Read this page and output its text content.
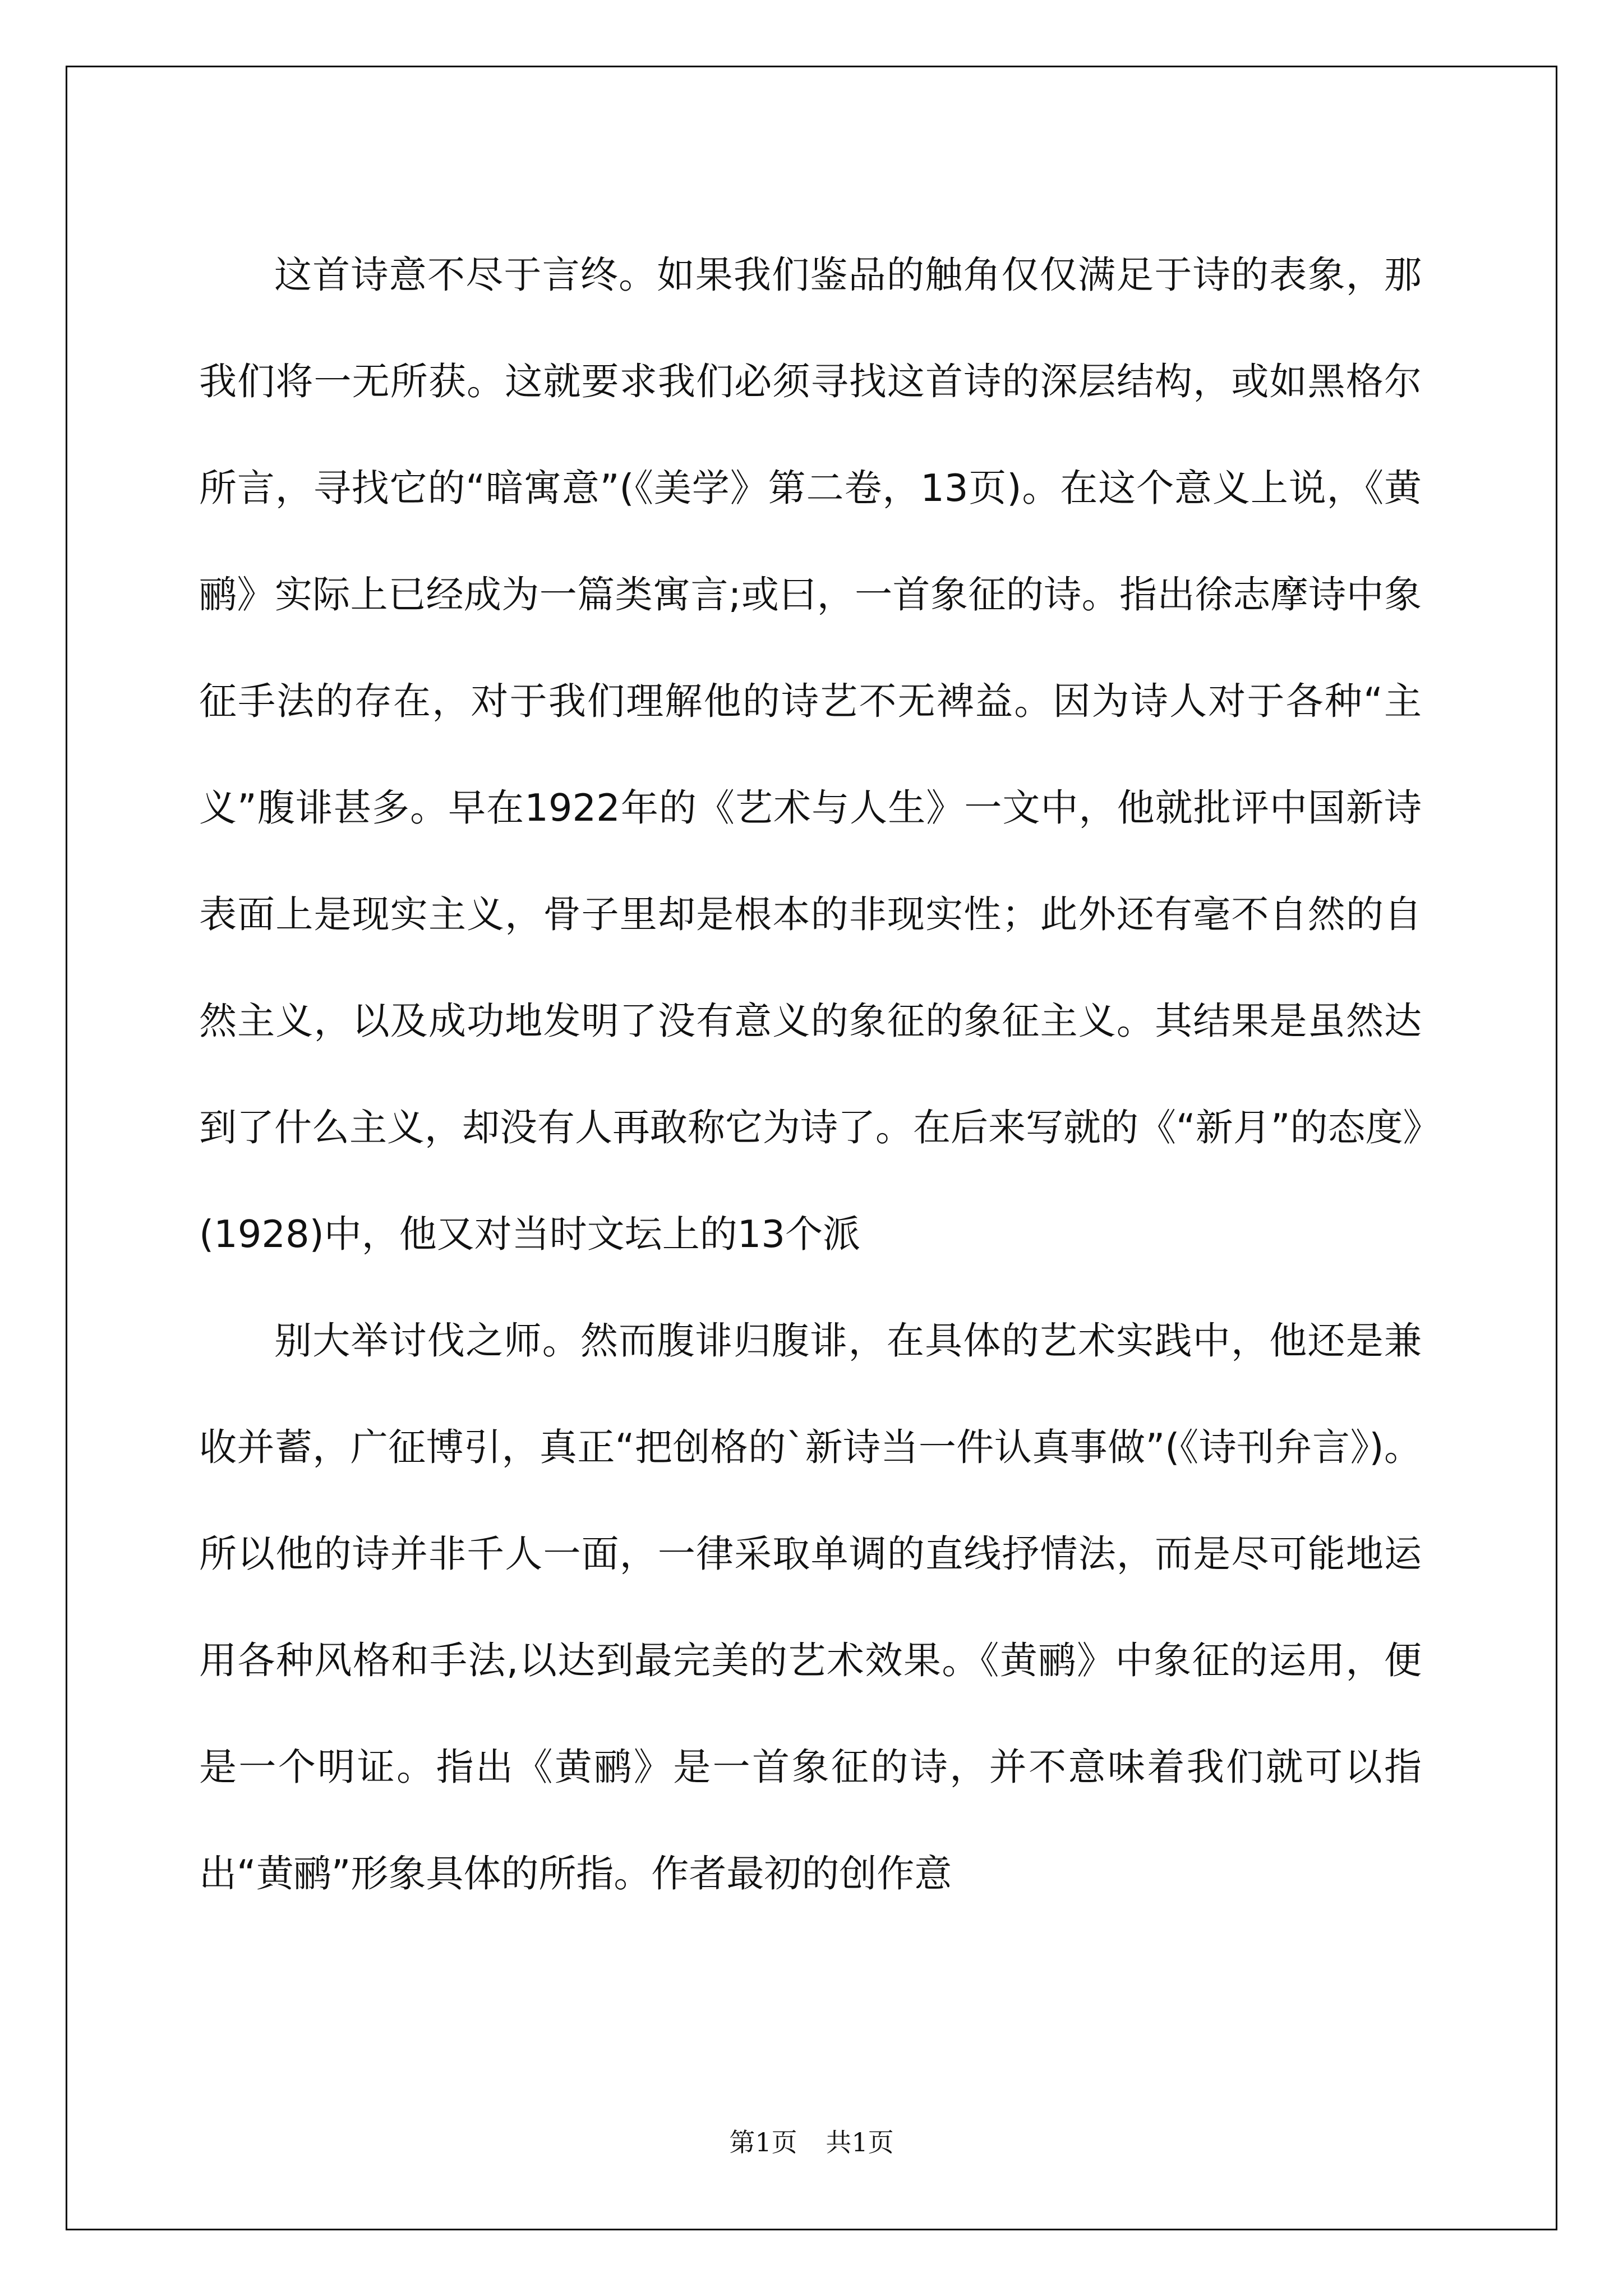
这首诗意不尽于言终。如果我们鉴品的触角仅仅满足于诗的表象，那我们将一无所获。这就要求我们必须寻找这首诗的深层结构，或如黑格尔所言，寻找它的“暗寓意”(《美学》第二卷，13页)。在这个意义上说，《黄鹂》实际上已经成为一篇类寓言;或曰，一首象征的诗。指出徐志摩诗中象征手法的存在，对于我们理解他的诗艺不无裨益。因为诗人对于各种“主义”腹诽甚多。早在1922年的《艺术与人生》一文中，他就批评中国新诗表面上是现实主义，骨子里却是根本的非现实性；此外还有毫不自然的自然主义，以及成功地发明了没有意义的象征的象征主义。其结果是虽然达到了什么主义，却没有人再敢称它为诗了。在后来写就的《“新月”的态度》(1928)中，他又对当时文坛上的13个派

别大举讨伐之师。然而腹诽归腹诽，在具体的艺术实践中，他还是兼收并蓄，广征博引，真正“把创格的`新诗当一件认真事做”(《诗刊弁言》)。所以他的诗并非千人一面，一律采取单调的直线抒情法，而是尽可能地运用各种风格和手法,以达到最完美的艺术效果。《黄鹂》中象征的运用，便是一个明证。指出《黄鹂》是一首象征的诗，并不意味着我们就可以指出“黄鹂”形象具体的所指。作者最初的创作意

第1页 共1页
